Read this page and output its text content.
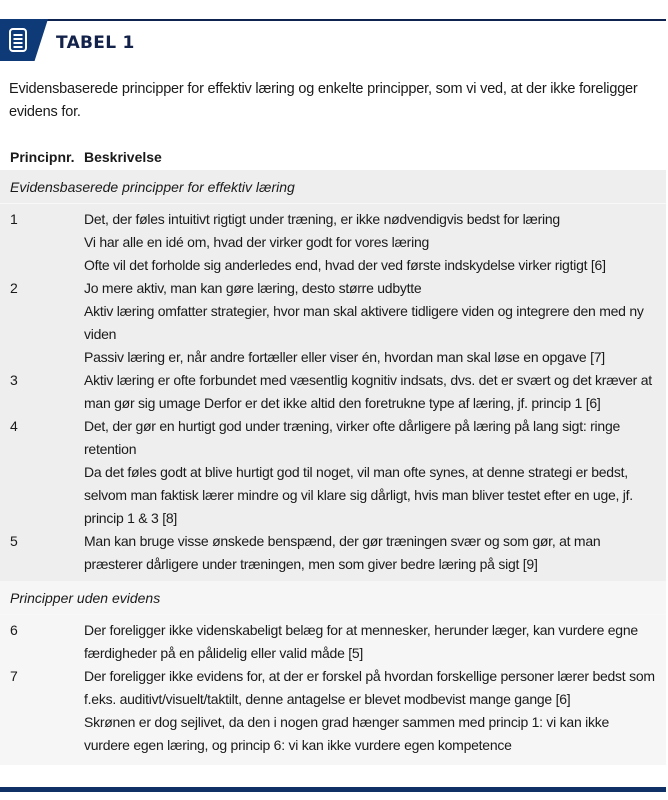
TABEL 1
Evidensbaserede principper for effektiv læring og enkelte principper, som vi ved, at der ikke foreligger evidens for.
Principnr. Beskrivelse
Evidensbaserede principper for effektiv læring
1	Det, der føles intuitivt rigtigt under træning, er ikke nødvendigvis bedst for læring
Vi har alle en idé om, hvad der virker godt for vores læring
Ofte vil det forholde sig anderledes end, hvad der ved første indskydelse virker rigtigt [6]
2	Jo mere aktiv, man kan gøre læring, desto større udbytte
Aktiv læring omfatter strategier, hvor man skal aktivere tidligere viden og integrere den med ny viden
Passiv læring er, når andre fortæller eller viser én, hvordan man skal løse en opgave [7]
3	Aktiv læring er ofte forbundet med væsentlig kognitiv indsats, dvs. det er svært og det kræver at man gør sig umage Derfor er det ikke altid den foretrukne type af læring, jf. princip 1 [6]
4	Det, der gør en hurtigt god under træning, virker ofte dårligere på læring på lang sigt: ringe retention
Da det føles godt at blive hurtigt god til noget, vil man ofte synes, at denne strategi er bedst, selvom man faktisk lærer mindre og vil klare sig dårligt, hvis man bliver testet efter en uge, jf. princip 1 & 3 [8]
5	Man kan bruge visse ønskede benspænd, der gør træningen svær og som gør, at man præsterer dårligere under træningen, men som giver bedre læring på sigt [9]
Principper uden evidens
6	Der foreligger ikke videnskabeligt belæg for at mennesker, herunder læger, kan vurdere egne færdigheder på en pålidelig eller valid måde [5]
7	Der foreligger ikke evidens for, at der er forskel på hvordan forskellige personer lærer bedst som f.eks. auditivt/visuelt/taktilt, denne antagelse er blevet modbevist mange gange [6]
Skrønen er dog sejlivet, da den i nogen grad hænger sammen med princip 1: vi kan ikke vurdere egen læring, og princip 6: vi kan ikke vurdere egen kompetence
